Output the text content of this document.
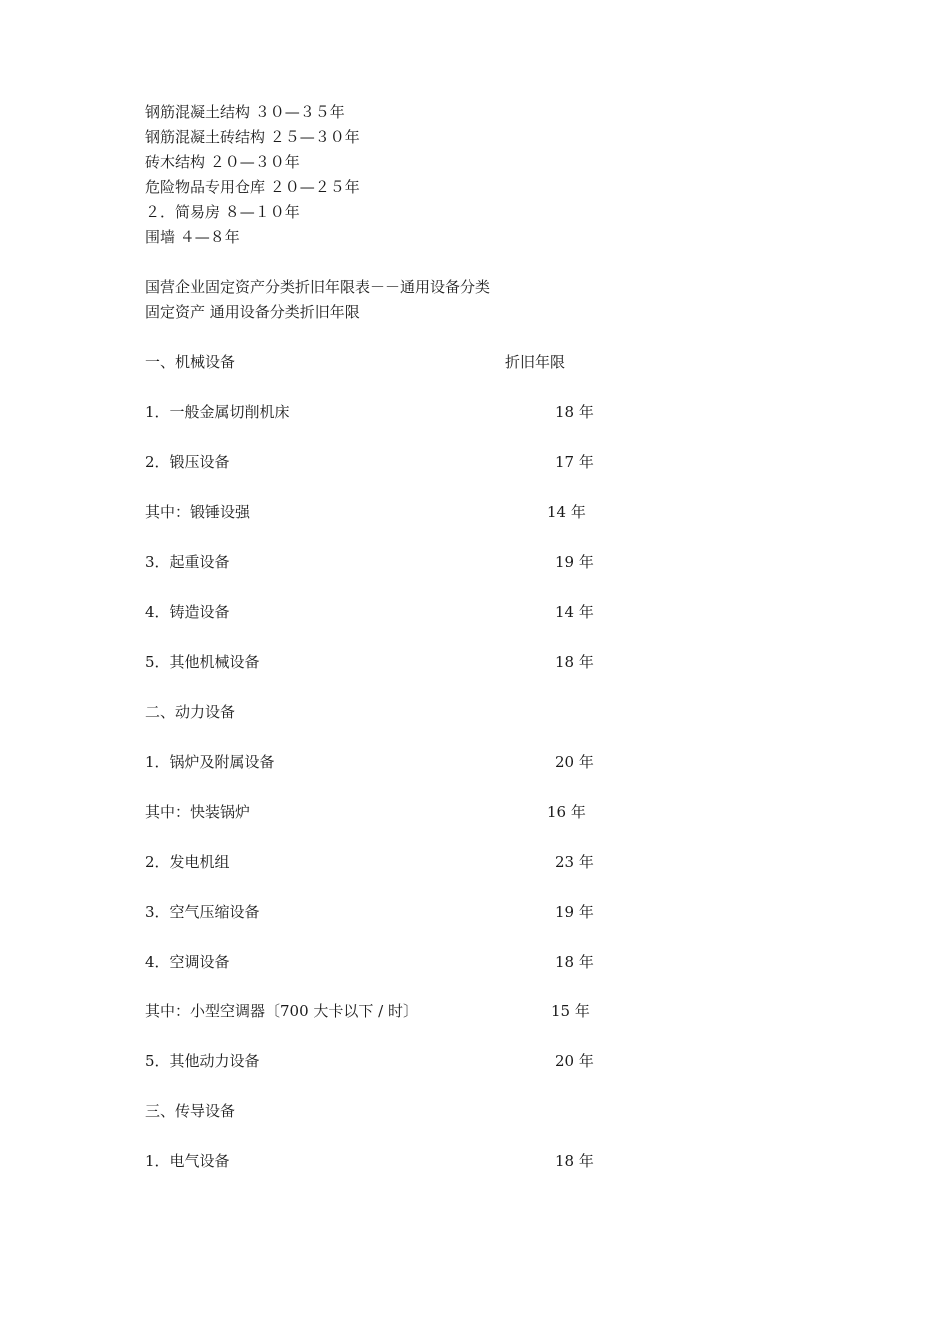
钢筋混凝土结构 ３０—３５年
钢筋混凝土砖结构 ２５—３０年
砖木结构 ２０—３０年
危险物品专用仓库 ２０—２５年
２．简易房 ８—１０年
围墙 ４—８年
国营企业固定资产分类折旧年限表－－通用设备分类
固定资产 通用设备分类折旧年限
一、机械设备	折旧年限
1．一般金属切削机床	18 年
2．锻压设备	17 年
其中：锻锤设强	14 年
3．起重设备	19 年
4．铸造设备	14 年
5．其他机械设备	18 年
二、动力设备
1．锅炉及附属设备	20 年
其中：快装锅炉	16 年
2．发电机组	23 年
3．空气压缩设备	19 年
4．空调设备	18 年
其中：小型空调器〔700 大卡以下 / 时〕	15 年
5．其他动力设备	20 年
三、传导设备
1．电气设备	18 年
